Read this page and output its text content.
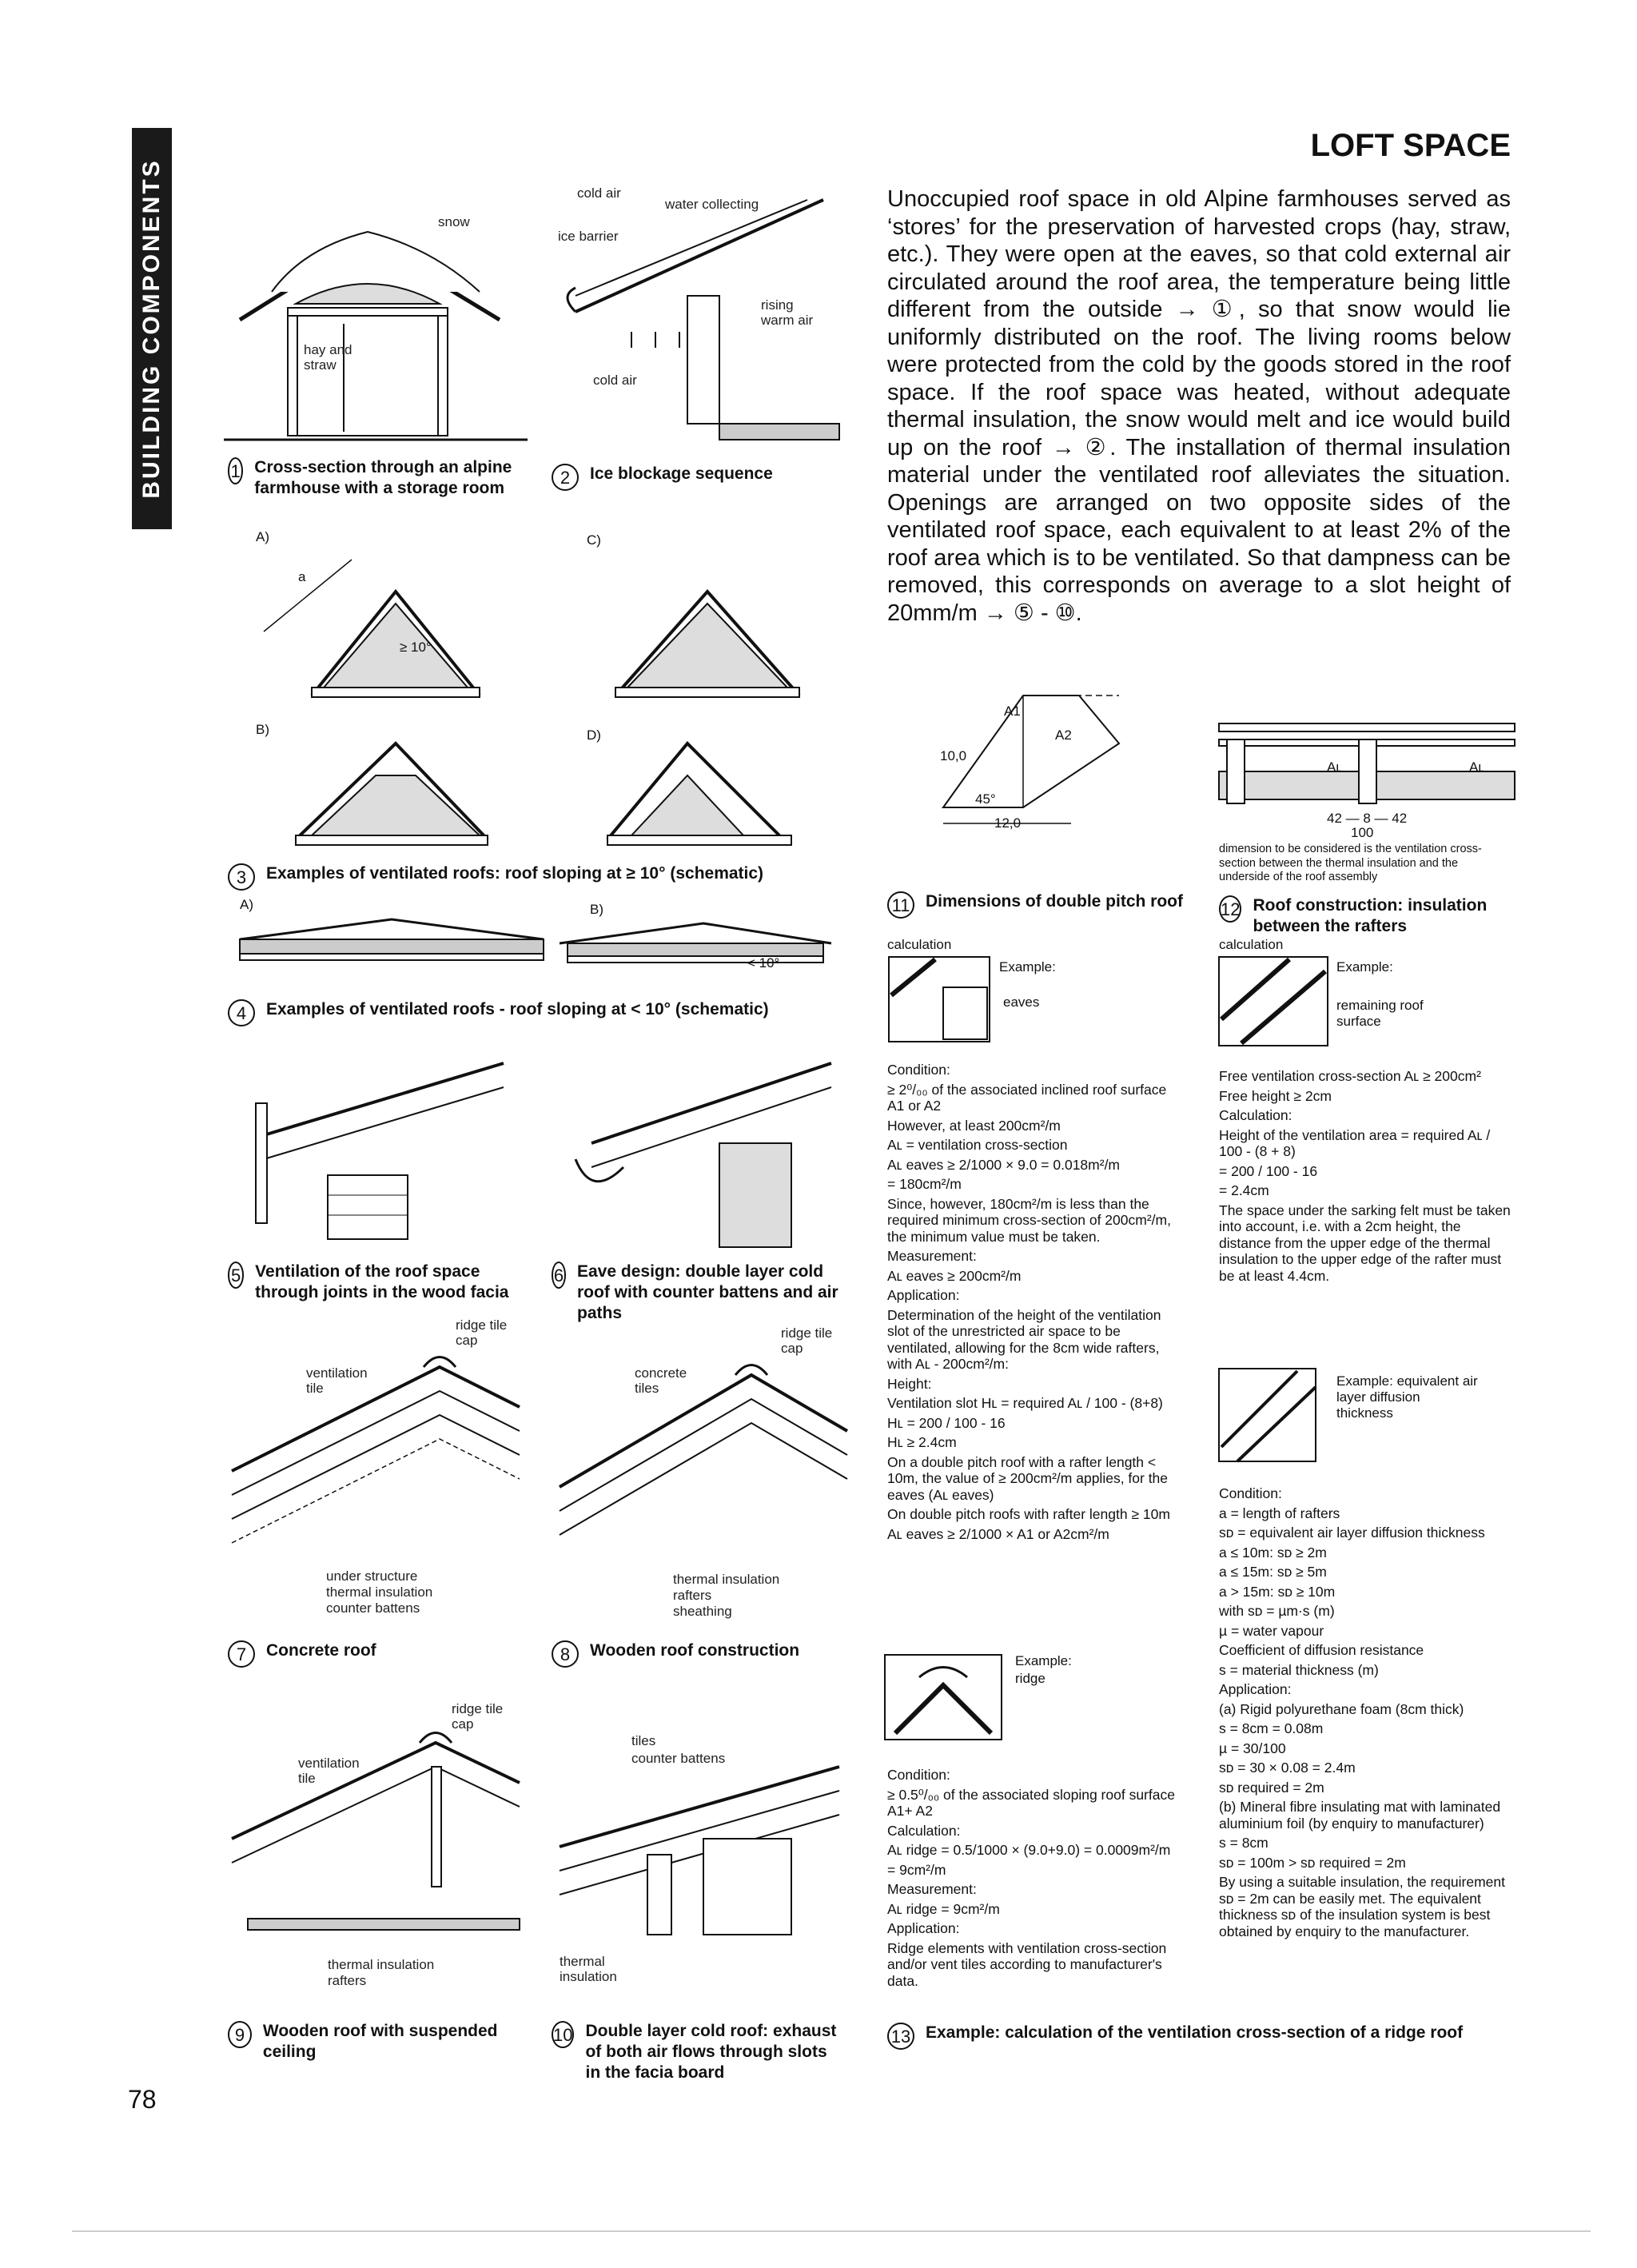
BUILDING COMPONENTS
LOFT SPACE
Unoccupied roof space in old Alpine farmhouses served as ‘stores’ for the preservation of harvested crops (hay, straw, etc.). They were open at the eaves, so that cold external air circulated around the roof area, the temperature being little different from the outside → ①, so that snow would lie uniformly distributed on the roof. The living rooms below were protected from the cold by the goods stored in the roof space. If the roof space was heated, without adequate thermal insulation, the snow would melt and ice would build up on the roof → ②. The installation of thermal insulation material under the ventilated roof alleviates the situation. Openings are arranged on two opposite sides of the ventilated roof space, each equivalent to at least 2% of the roof area which is to be ventilated. So that dampness can be removed, this corresponds on average to a slot height of 20mm/m → ⑤ - ⑩.
78
snow
hay and straw
1 Cross-section through an alpine farmhouse with a storage room
cold air
ice barrier
water collecting
rising warm air
cold air
2	Ice blockage sequence
A)	C)
B)	D)
a
≥ 10°
3	Examples of ventilated roofs: roof sloping at ≥ 10° (schematic)
A)	B)
< 10°
4	Examples of ventilated roofs - roof sloping at < 10° (schematic)
5 Ventilation of the roof space through joints in the wood facia
6 Eave design: double layer cold roof with counter battens and air paths
ridge tile cap
ventilation tile
under structure
thermal insulation
counter battens
7	Concrete roof
ridge tile cap
concrete tiles
thermal insulation
rafters
sheathing
8	Wooden roof construction
ridge tile cap
ventilation tile
thermal insulation
rafters
9	Wooden roof with suspended ceiling
tiles
counter battens
thermal insulation
10 Double layer cold roof: exhaust of both air flows through slots in the facia board
10,0
12,0
45°
A1
A2
11 Dimensions of double pitch roof
Aʟ	Aʟ
42 — 8 — 42
100
dimension to be considered is the ventilation cross-section between the thermal insulation and the underside of the roof assembly
12 Roof construction: insulation between the rafters
calculation
Example:
eaves

Condition:

≥ 2⁰/₀₀ of the associated inclined roof surface A1 or A2

However, at least 200cm²/m

Aʟ = ventilation cross-section

Aʟ eaves ≥ 2/1000 × 9.0 = 0.018m²/m

= 180cm²/m

Since, however, 180cm²/m is less than the required minimum cross-section of 200cm²/m, the minimum value must be taken.

Measurement:

Aʟ eaves ≥ 200cm²/m

Application:

Determination of the height of the ventilation slot of the unrestricted air space to be ventilated, allowing for the 8cm wide rafters, with Aʟ - 200cm²/m:

Height:

Ventilation slot Hʟ = required Aʟ / 100 - (8+8)

Hʟ = 200 / 100 - 16

Hʟ ≥ 2.4cm

On a double pitch roof with a rafter length < 10m, the value of ≥ 200cm²/m applies, for the eaves (Aʟ eaves)

On double pitch roofs with rafter length ≥ 10m

Aʟ eaves ≥ 2/1000 × A1 or A2cm²/m

Example:
ridge

Condition:

≥ 0.5⁰/₀₀ of the associated sloping roof surface A1+ A2

Calculation:

Aʟ ridge = 0.5/1000 × (9.0+9.0) = 0.0009m²/m

= 9cm²/m

Measurement:

Aʟ ridge = 9cm²/m

Application:

Ridge elements with ventilation cross-section and/or vent tiles according to manufacturer's data.

calculation
Example:
remaining roof surface

Free ventilation cross-section Aʟ ≥ 200cm²

Free height ≥ 2cm

Calculation:

Height of the ventilation area = required Aʟ / 100 - (8 + 8)

= 200 / 100 - 16

= 2.4cm

The space under the sarking felt must be taken into account, i.e. with a 2cm height, the distance from the upper edge of the thermal insulation to the upper edge of the rafter must be at least 4.4cm.

Example: equivalent air layer diffusion thickness

Condition:

a = length of rafters

sᴅ = equivalent air layer diffusion thickness

a ≤ 10m: sᴅ ≥ 2m

a ≤ 15m: sᴅ ≥ 5m

a > 15m: sᴅ ≥ 10m

with sᴅ = µm·s (m)

µ = water vapour

Coefficient of diffusion resistance

s = material thickness (m)

Application:

(a) Rigid polyurethane foam (8cm thick)

s = 8cm = 0.08m

µ = 30/100

sᴅ = 30 × 0.08 = 2.4m

sᴅ required = 2m

(b) Mineral fibre insulating mat with laminated aluminium foil (by enquiry to manufacturer)

s = 8cm

sᴅ = 100m > sᴅ required = 2m

By using a suitable insulation, the requirement sᴅ = 2m can be easily met. The equivalent thickness sᴅ of the insulation system is best obtained by enquiry to the manufacturer.

13 Example: calculation of the ventilation cross-section of a ridge roof
